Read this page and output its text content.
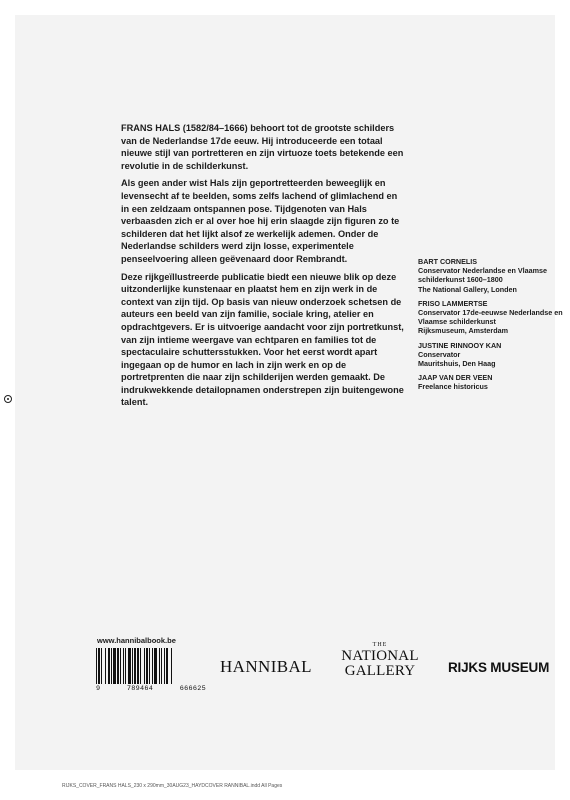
FRANS HALS (1582/84–1666) behoort tot de grootste schilders van de Nederlandse 17de eeuw. Hij introduceerde een totaal nieuwe stijl van portretteren en zijn virtuoze toets betekende een revolutie in de schilderkunst.

Als geen ander wist Hals zijn geportretteerden beweeglijk en levensecht af te beelden, soms zelfs lachend of glimlachend en in een zeldzaam ontspannen pose. Tijdgenoten van Hals verbaasden zich er al over hoe hij erin slaagde zijn figuren zo te schilderen dat het lijkt alsof ze werkelijk ademen. Onder de Nederlandse schilders werd zijn losse, experimentele penseelvoering alleen geëvenaard door Rembrandt.

Deze rijkgeïllustreerde publicatie biedt een nieuwe blik op deze uitzonderlijke kunstenaar en plaatst hem en zijn werk in de context van zijn tijd. Op basis van nieuw onderzoek schetsen de auteurs een beeld van zijn familie, sociale kring, atelier en opdrachtgevers. Er is uitvoerige aandacht voor zijn portretkunst, van zijn intieme weergave van echtparen en families tot de spectaculaire schuttersstukken. Voor het eerst wordt apart ingegaan op de humor en lach in zijn werk en op de portretprenten die naar zijn schilderijen werden gemaakt. De indrukwekkende detailopnamen onderstrepen zijn buitengewone talent.

BART CORNELIS
Conservator Nederlandse en Vlaamse schilderkunst 1600–1800
The National Gallery, Londen
FRISO LAMMERTSE
Conservator 17de-eeuwse Nederlandse en Vlaamse schilderkunst
Rijksmuseum, Amsterdam
JUSTINE RINNOOY KAN
Conservator
Mauritshuis, Den Haag
JAAP VAN DER VEEN
Freelance historicus
www.hannibalbook.be
9	789464	666625
HANNIBAL
THE
NATIONAL
GALLERY	RIJKS MUSEUM
RIJKS_COVER_FRANS HALS_230 x 290mm_30AUG23_HAYDCOVER RANNIBAL.indd All Pages
